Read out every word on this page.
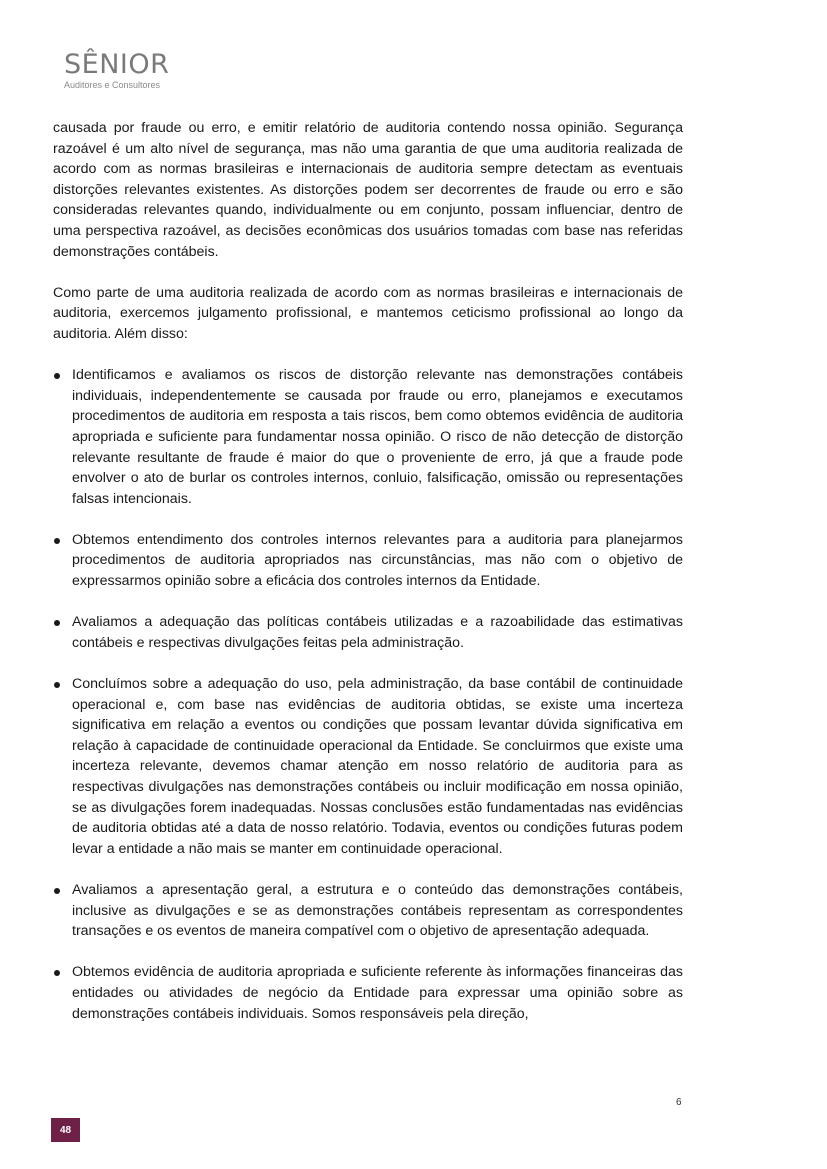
SÊNIOR
Auditores e Consultores

causada por fraude ou erro, e emitir relatório de auditoria contendo nossa opinião. Segurança razoável é um alto nível de segurança, mas não uma garantia de que uma auditoria realizada de acordo com as normas brasileiras e internacionais de auditoria sempre detectam as eventuais distorções relevantes existentes. As distorções podem ser decorrentes de fraude ou erro e são consideradas relevantes quando, individualmente ou em conjunto, possam influenciar, dentro de uma perspectiva razoável, as decisões econômicas dos usuários tomadas com base nas referidas demonstrações contábeis.

Como parte de uma auditoria realizada de acordo com as normas brasileiras e internacionais de auditoria, exercemos julgamento profissional, e mantemos ceticismo profissional ao longo da auditoria. Além disso:

Identificamos e avaliamos os riscos de distorção relevante nas demonstrações contábeis individuais, independentemente se causada por fraude ou erro, planejamos e executamos procedimentos de auditoria em resposta a tais riscos, bem como obtemos evidência de auditoria apropriada e suficiente para fundamentar nossa opinião. O risco de não detecção de distorção relevante resultante de fraude é maior do que o proveniente de erro, já que a fraude pode envolver o ato de burlar os controles internos, conluio, falsificação, omissão ou representações falsas intencionais.
Obtemos entendimento dos controles internos relevantes para a auditoria para planejarmos procedimentos de auditoria apropriados nas circunstâncias, mas não com o objetivo de expressarmos opinião sobre a eficácia dos controles internos da Entidade.
Avaliamos a adequação das políticas contábeis utilizadas e a razoabilidade das estimativas contábeis e respectivas divulgações feitas pela administração.
Concluímos sobre a adequação do uso, pela administração, da base contábil de continuidade operacional e, com base nas evidências de auditoria obtidas, se existe uma incerteza significativa em relação a eventos ou condições que possam levantar dúvida significativa em relação à capacidade de continuidade operacional da Entidade. Se concluirmos que existe uma incerteza relevante, devemos chamar atenção em nosso relatório de auditoria para as respectivas divulgações nas demonstrações contábeis ou incluir modificação em nossa opinião, se as divulgações forem inadequadas. Nossas conclusões estão fundamentadas nas evidências de auditoria obtidas até a data de nosso relatório. Todavia, eventos ou condições futuras podem levar a entidade a não mais se manter em continuidade operacional.
Avaliamos a apresentação geral, a estrutura e o conteúdo das demonstrações contábeis, inclusive as divulgações e se as demonstrações contábeis representam as correspondentes transações e os eventos de maneira compatível com o objetivo de apresentação adequada.
Obtemos evidência de auditoria apropriada e suficiente referente às informações financeiras das entidades ou atividades de negócio da Entidade para expressar uma opinião sobre as demonstrações contábeis individuais. Somos responsáveis pela direção,
6
48
